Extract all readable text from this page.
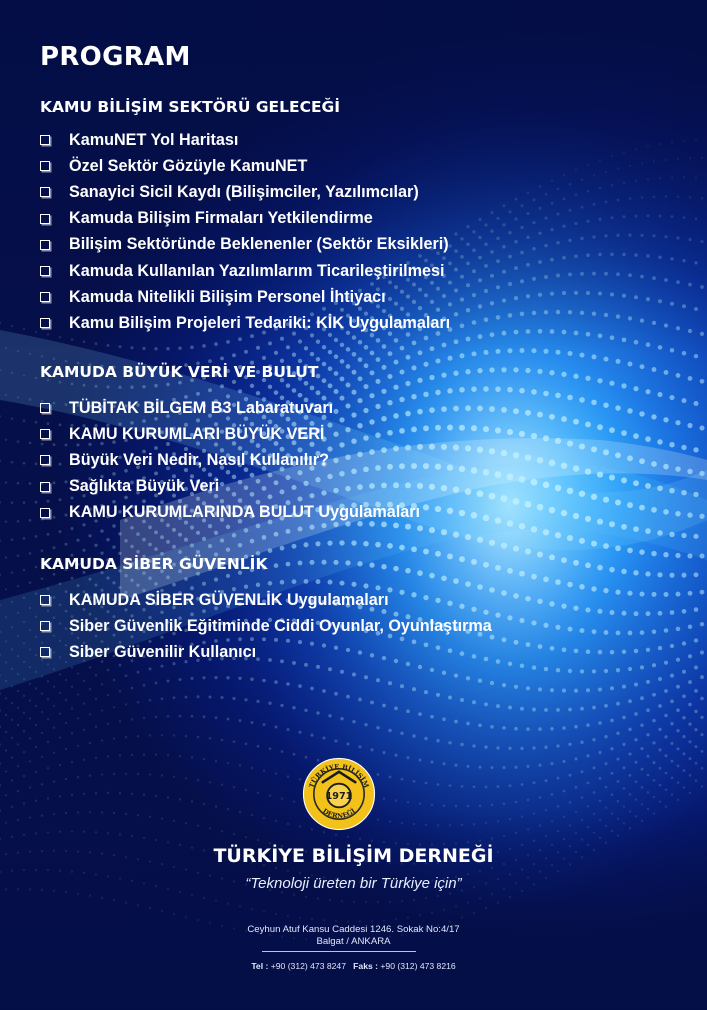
PROGRAM
KAMU BİLİŞİM SEKTÖRÜ GELECEĞİ
KamuNET Yol Haritası
Özel Sektör Gözüyle KamuNET
Sanayici Sicil Kaydı (Bilişimciler, Yazılımcılar)
Kamuda Bilişim Firmaları Yetkilendirme
Bilişim Sektöründe Beklenenler (Sektör Eksikleri)
Kamuda Kullanılan Yazılımlarım Ticarileştirilmesi
Kamuda Nitelikli Bilişim Personel İhtiyacı
Kamu Bilişim Projeleri Tedariki: KİK Uygulamaları
KAMUDA BÜYÜK VERİ VE BULUT
TÜBİTAK BİLGEM B3 Labaratuvarı
KAMU KURUMLARI BÜYÜK VERİ
Büyük Veri Nedir, Nasıl Kullanılır?
Sağlıkta Büyük Veri
KAMU KURUMLARINDA BULUT Uygulamaları
KAMUDA SİBER GÜVENLİK
KAMUDA SİBER GÜVENLİK Uygulamaları
Siber Güvenlik Eğitiminde Ciddi Oyunlar, Oyunlaştırma
Siber Güvenilir Kullanıcı
TÜRKİYE BİLİŞİM
DERNEĞİ
1971
TÜRKİYE BİLİŞİM DERNEĞİ
“Teknoloji üreten bir Türkiye için”
Ceyhun Atuf Kansu Caddesi 1246. Sokak No:4/17
Balgat / ANKARA
Tel : +90 (312) 473 8247 Faks : +90 (312) 473 8216
